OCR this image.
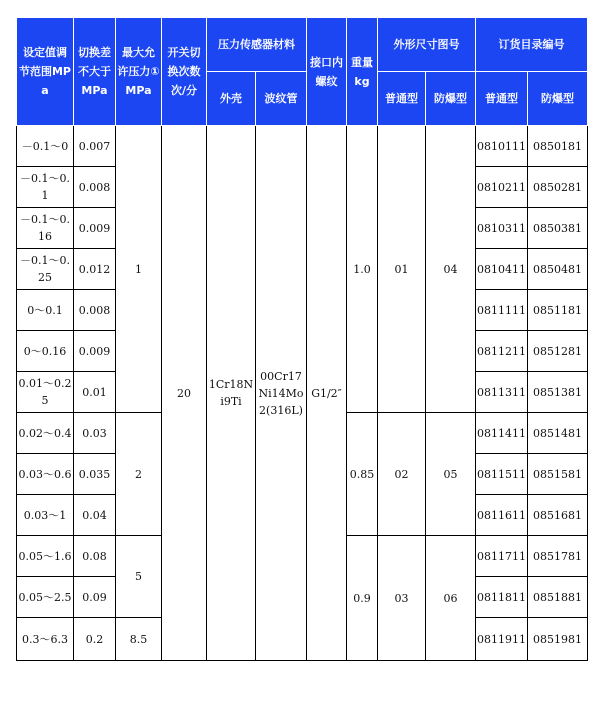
设定值调节范围MPa	切换差不大于MPa	最大允许压力①MPa	开关切换次数次/分	压力传感器材料		接口内螺纹	重量kg	外形尺寸图号		订货目录编号	
				外壳	波纹管			普通型	防爆型	普通型	防爆型
－0.1～0	0.007	1	20	1Cr18Ni9Ti	00Cr17Ni14Mo2(316L)	G1/2″	1.0	01	04	0810111	0850181
－0.1～0.1	0.008									0810211	0850281
－0.1～0.16	0.009									0810311	0850381
－0.1～0.25	0.012									0810411	0850481
0～0.1	0.008									0811111	0851181
0～0.16	0.009									0811211	0851281
0.01～0.25	0.01									0811311	0851381
0.02～0.4	0.03	2					0.85	02	05	0811411	0851481
0.03～0.6	0.035									0811511	0851581
0.03～1	0.04									0811611	0851681
0.05～1.6	0.08	5					0.9	03	06	0811711	0851781
0.05～2.5	0.09									0811811	0851881
0.3～6.3	0.2	8.5								0811911	0851981
